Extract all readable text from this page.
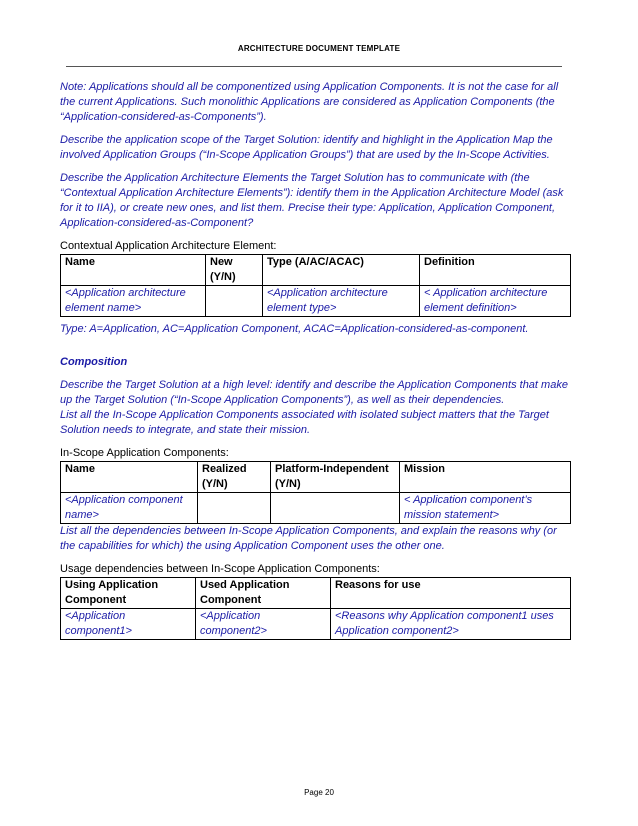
ARCHITECTURE DOCUMENT TEMPLATE

Note: Applications should all be componentized using Application Components. It is not the case for all the current Applications. Such monolithic Applications are considered as Application Components (the “Application-considered-as-Components”).

Describe the application scope of the Target Solution: identify and highlight in the Application Map the involved Application Groups (“In-Scope Application Groups”) that are used by the In-Scope Activities.

Describe the Application Architecture Elements the Target Solution has to communicate with (the “Contextual Application Architecture Elements”): identify them in the Application Architecture Model (ask for it to IIA), or create new ones, and list them. Precise their type: Application, Application Component, Application-considered-as-Component?

Contextual Application Architecture Element:

Name	New (Y/N)	Type (A/AC/ACAC)	Definition
<Application architecture element name>		<Application architecture element type>	< Application architecture element definition>

Type: A=Application, AC=Application Component, ACAC=Application-considered-as-component.

Composition

Describe the Target Solution at a high level: identify and describe the Application Components that make up the Target Solution (“In-Scope Application Components”), as well as their dependencies.

List all the In-Scope Application Components associated with isolated subject matters that the Target Solution needs to integrate, and state their mission.

In-Scope Application Components:

Name	Realized (Y/N)	Platform-Independent (Y/N)	Mission
<Application component name>			< Application component’s mission statement>

List all the dependencies between In-Scope Application Components, and explain the reasons why (or the capabilities for which) the using Application Component uses the other one.

Usage dependencies between In-Scope Application Components:

Using Application Component	Used Application Component	Reasons for use
<Application component1>	<Application component2>	<Reasons why Application component1 uses Application component2>
Page 20
